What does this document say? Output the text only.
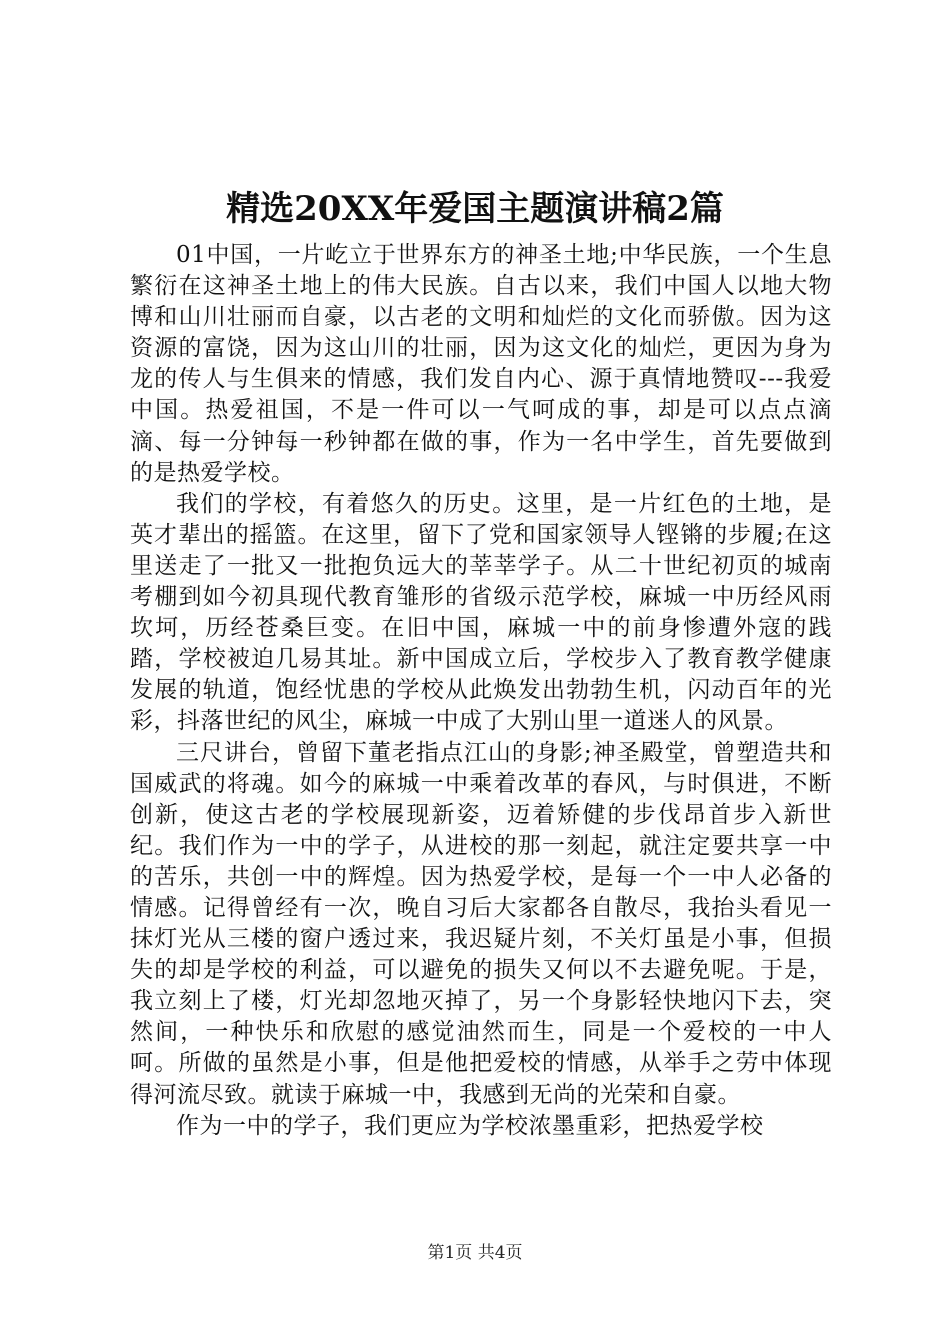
精选20XX年爱国主题演讲稿2篇

01中国，一片屹立于世界东方的神圣土地;中华民族，一个生息繁衍在这神圣土地上的伟大民族。自古以来，我们中国人以地大物博和山川壮丽而自豪，以古老的文明和灿烂的文化而骄傲。因为这资源的富饶，因为这山川的壮丽，因为这文化的灿烂，更因为身为龙的传人与生俱来的情感，我们发自内心、源于真情地赞叹---我爱中国。热爱祖国，不是一件可以一气呵成的事，却是可以点点滴滴、每一分钟每一秒钟都在做的事，作为一名中学生，首先要做到的是热爱学校。

我们的学校，有着悠久的历史。这里，是一片红色的土地，是英才辈出的摇篮。在这里，留下了党和国家领导人铿锵的步履;在这里送走了一批又一批抱负远大的莘莘学子。从二十世纪初页的城南考棚到如今初具现代教育雏形的省级示范学校，麻城一中历经风雨坎坷，历经苍桑巨变。在旧中国，麻城一中的前身惨遭外寇的践踏，学校被迫几易其址。新中国成立后，学校步入了教育教学健康发展的轨道，饱经忧患的学校从此焕发出勃勃生机，闪动百年的光彩，抖落世纪的风尘，麻城一中成了大别山里一道迷人的风景。

三尺讲台，曾留下董老指点江山的身影;神圣殿堂，曾塑造共和国威武的将魂。如今的麻城一中乘着改革的春风，与时俱进，不断创新，使这古老的学校展现新姿，迈着矫健的步伐昂首步入新世纪。我们作为一中的学子，从进校的那一刻起，就注定要共享一中的苦乐，共创一中的辉煌。因为热爱学校，是每一个一中人必备的情感。记得曾经有一次，晚自习后大家都各自散尽，我抬头看见一抹灯光从三楼的窗户透过来，我迟疑片刻，不关灯虽是小事，但损失的却是学校的利益，可以避免的损失又何以不去避免呢。于是，我立刻上了楼，灯光却忽地灭掉了，另一个身影轻快地闪下去，突然间，一种快乐和欣慰的感觉油然而生，同是一个爱校的一中人呵。所做的虽然是小事，但是他把爱校的情感，从举手之劳中体现得河流尽致。就读于麻城一中，我感到无尚的光荣和自豪。

作为一中的学子，我们更应为学校浓墨重彩，把热爱学校

第1页 共4页
